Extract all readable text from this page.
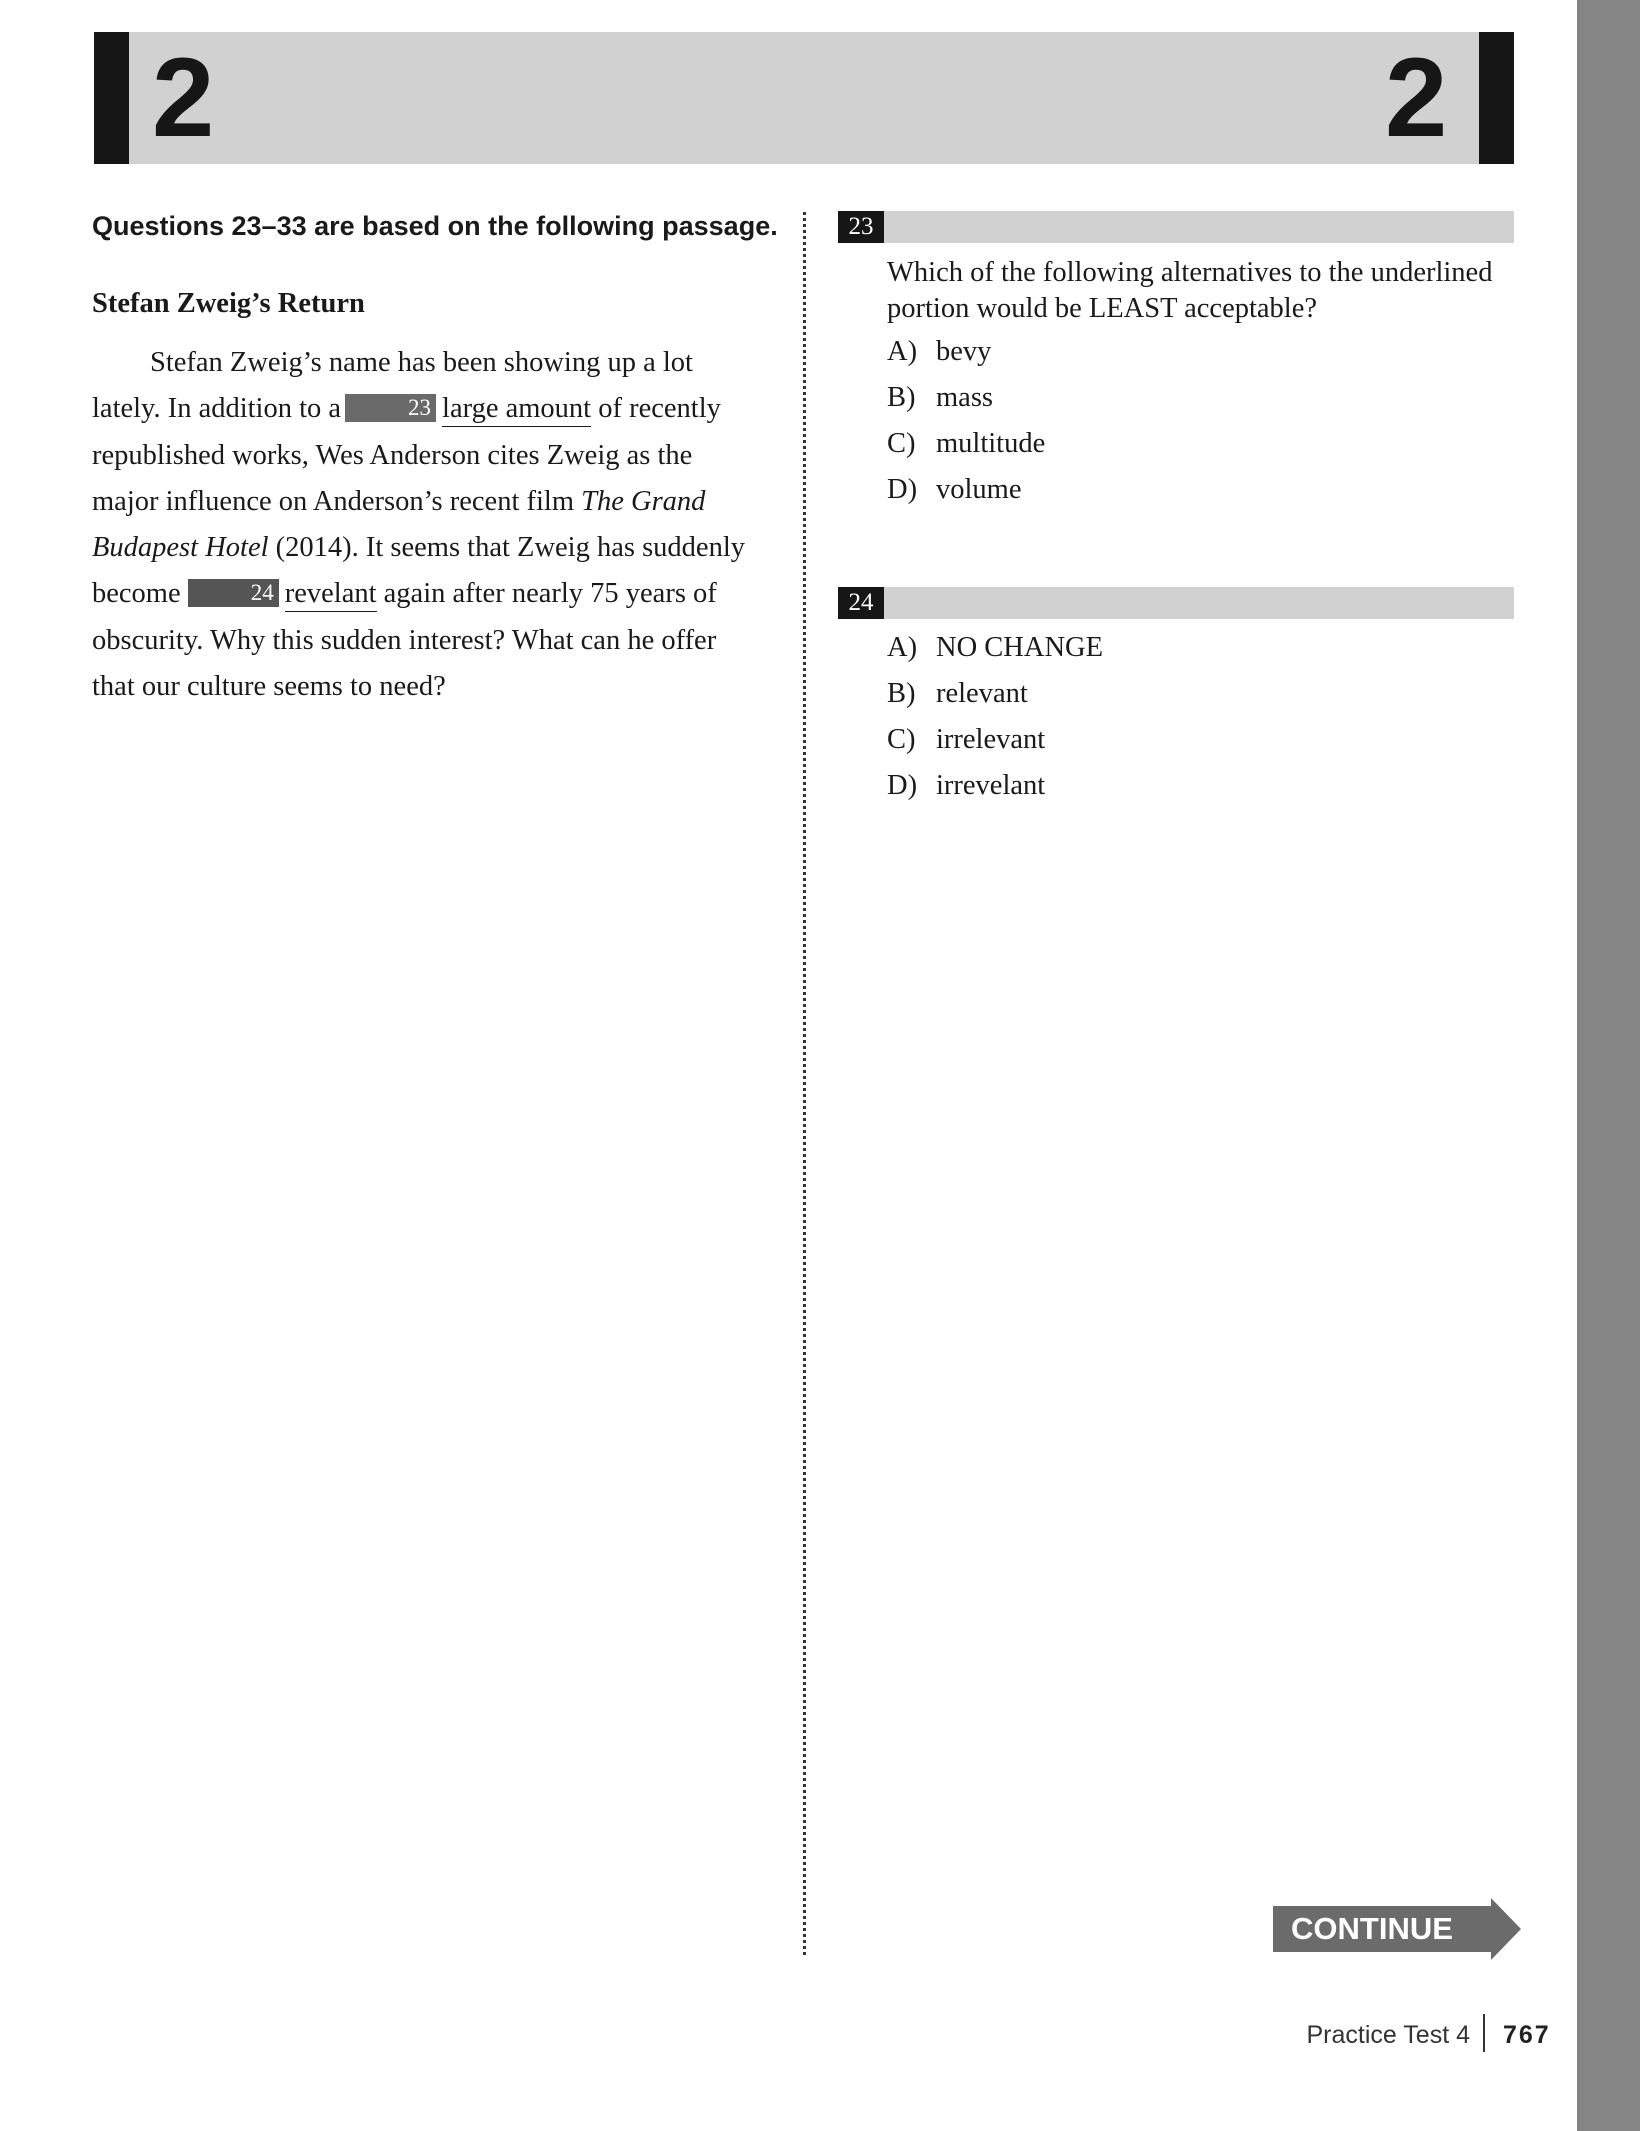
2	2
Questions 23–33 are based on the following passage.
Stefan Zweig’s Return

Stefan Zweig’s name has been showing up a lot lately. In addition to a	23 large amount of recently republished works, Wes Anderson cites Zweig as the major influence on Anderson’s recent film The Grand Budapest Hotel (2014). It seems that Zweig has suddenly become	24 revelant again after nearly 75 years of obscurity. Why this sudden interest? What can he offer that our culture seems to need?

23
Which of the following alternatives to the underlined portion would be LEAST acceptable?
A) bevy
B) mass
C) multitude
D) volume
24
A) NO CHANGE
B) relevant
C) irrelevant
D) irrevelant
CONTINUE
Practice Test 4 767
